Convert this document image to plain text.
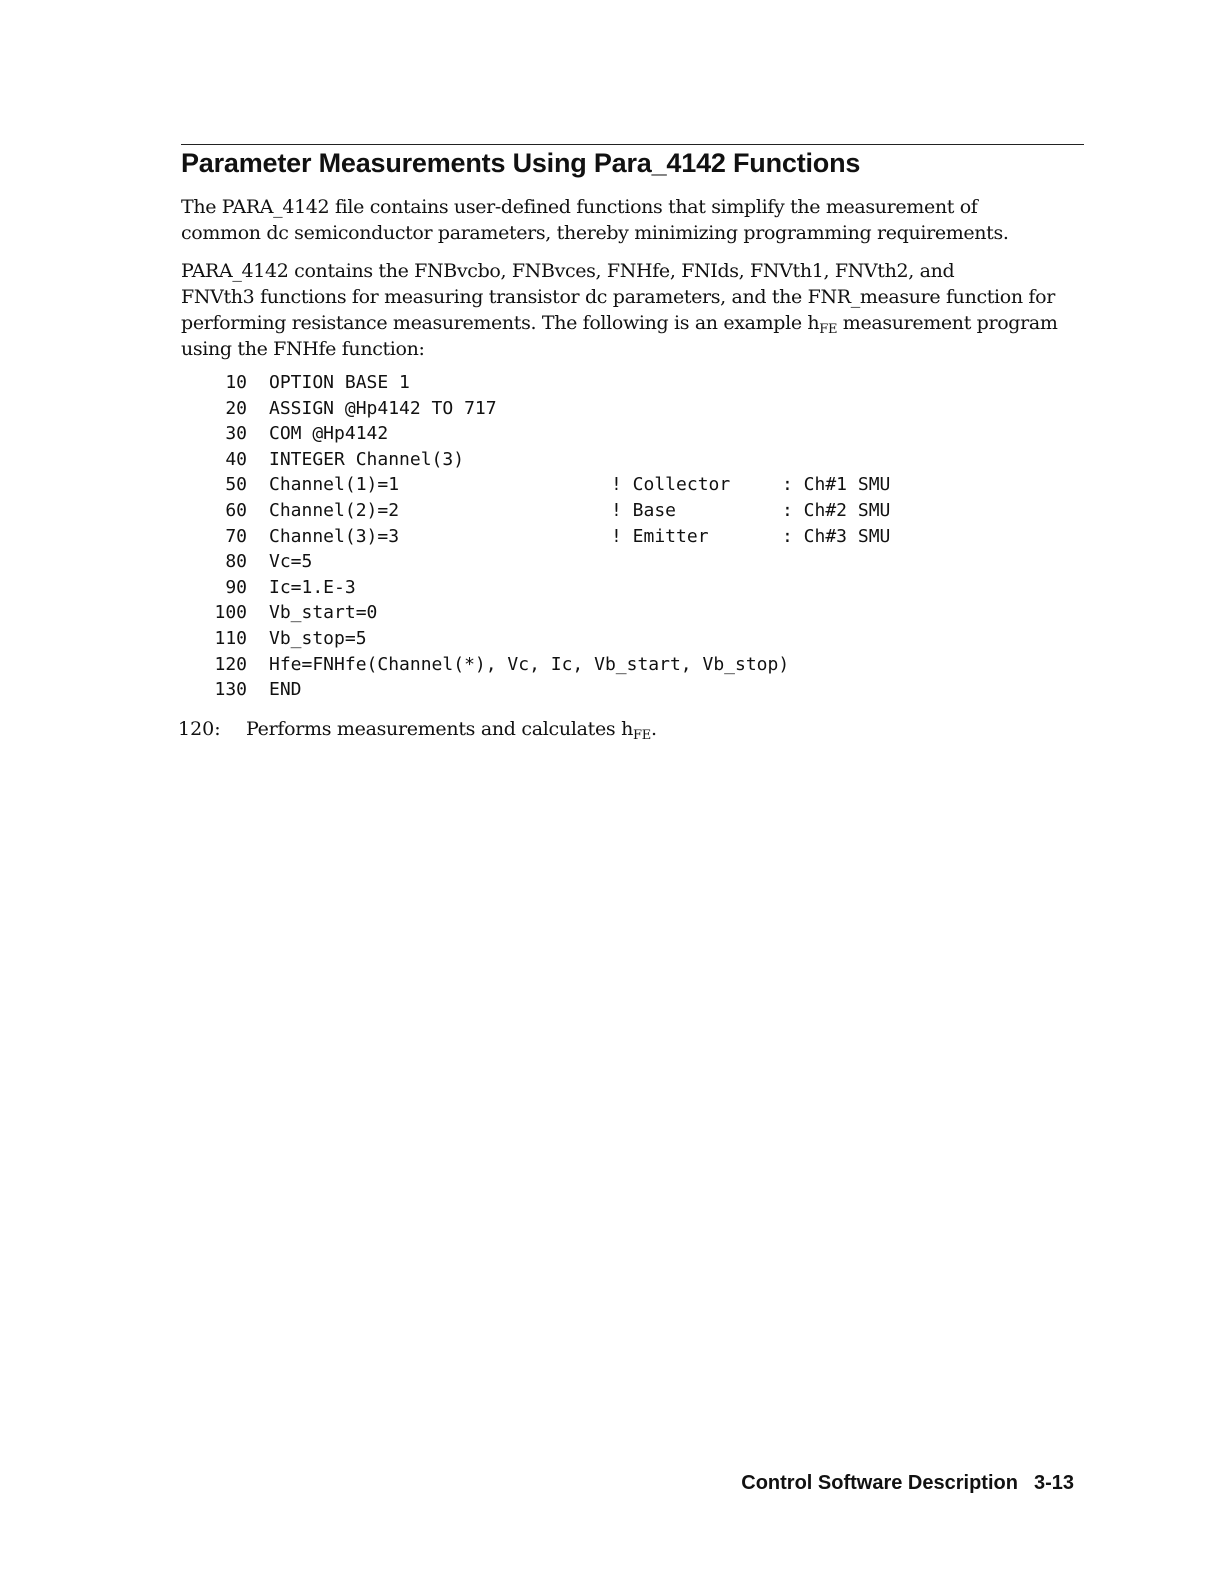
Parameter Measurements Using Para_4142 Functions
The PARA_4142 file contains user-defined functions that simplify the measurement of
common dc semiconductor parameters, thereby minimizing programming requirements.
PARA_4142 contains the FNBvcbo, FNBvces, FNHfe, FNIds, FNVth1, FNVth2, and
FNVth3 functions for measuring transistor dc parameters, and the FNR_measure function for
performing resistance measurements. The following is an example $h_{FE}$ measurement program
using the FNHfe function:
10 OPTION BASE 1
20 ASSIGN @Hp4142 TO 717
30 COM @Hp4142
40 INTEGER Channel(3)
50 Channel(1)=1	! Collector	: Ch#1 SMU
60 Channel(2)=2	! Base	: Ch#2 SMU
70 Channel(3)=3	! Emitter	: Ch#3 SMU
80 Vc=5
90 Ic=1.E-3
100 Vb_start=0
110 Vb_stop=5
120 Hfe=FNHfe(Channel(*), Vc, Ic, Vb_start, Vb_stop)
130 END
120: Performs measurements and calculates $h_{FE}$.
Control Software Description 3-13
